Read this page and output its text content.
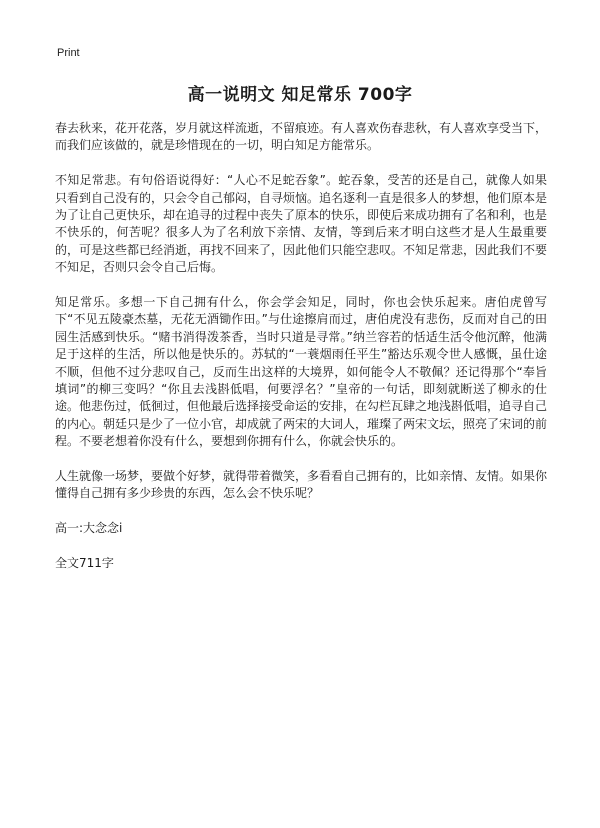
Print
高一说明文 知足常乐 700字

春去秋来，花开花落，岁月就这样流逝，不留痕迹。有人喜欢伤春悲秋，有人喜欢享受当下，而我们应该做的，就是珍惜现在的一切，明白知足方能常乐。

不知足常悲。有句俗语说得好：“人心不足蛇吞象”。蛇吞象，受苦的还是自己，就像人如果只看到自己没有的，只会令自己郁闷，自寻烦恼。追名逐利一直是很多人的梦想，他们原本是为了让自己更快乐，却在追寻的过程中丧失了原本的快乐，即使后来成功拥有了名和利，也是不快乐的，何苦呢？很多人为了名利放下亲情、友情，等到后来才明白这些才是人生最重要的，可是这些都已经消逝，再找不回来了，因此他们只能空悲叹。不知足常悲，因此我们不要不知足，否则只会令自己后悔。

知足常乐。多想一下自己拥有什么，你会学会知足，同时，你也会快乐起来。唐伯虎曾写下“不见五陵豪杰墓，无花无酒锄作田。”与仕途擦肩而过，唐伯虎没有悲伤，反而对自己的田园生活感到快乐。“赌书消得泼茶香，当时只道是寻常。”纳兰容若的恬适生活令他沉醉，他满足于这样的生活，所以他是快乐的。苏轼的“一蓑烟雨任平生”豁达乐观令世人感慨，虽仕途不顺，但他不过分悲叹自己，反而生出这样的大境界，如何能令人不敬佩？还记得那个“奉旨填词”的柳三变吗？“你且去浅斟低唱，何要浮名？”皇帝的一句话，即刻就断送了柳永的仕途。他悲伤过，低徊过，但他最后选择接受命运的安排，在勾栏瓦肆之地浅斟低唱，追寻自己的内心。朝廷只是少了一位小官，却成就了两宋的大词人，璀璨了两宋文坛，照亮了宋词的前程。不要老想着你没有什么，要想到你拥有什么，你就会快乐的。

人生就像一场梦，要做个好梦，就得带着微笑，多看看自己拥有的，比如亲情、友情。如果你懂得自己拥有多少珍贵的东西，怎么会不快乐呢？

高一:大念念i

全文711字
